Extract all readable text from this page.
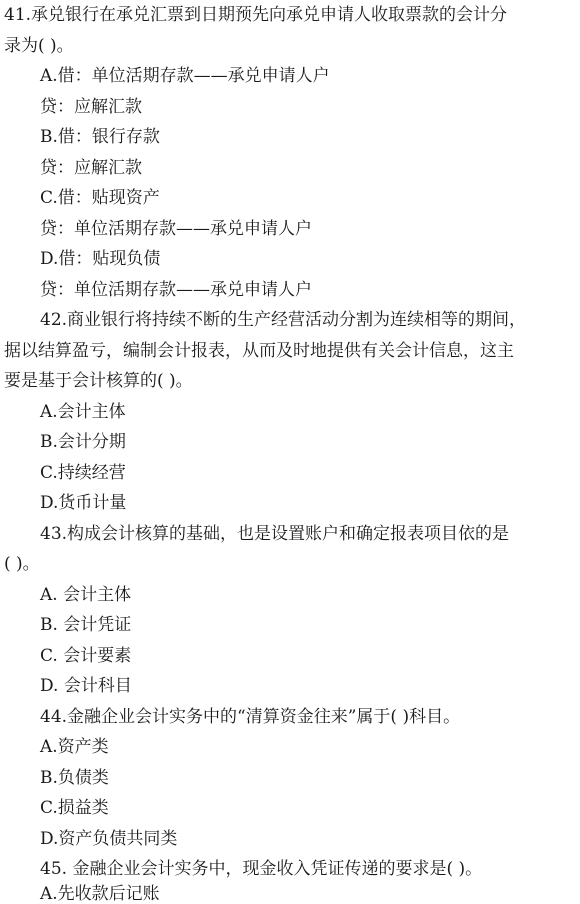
41.承兑银行在承兑汇票到日期预先向承兑申请人收取票款的会计分
录为( )。
A.借：单位活期存款——承兑申请人户
贷：应解汇款
B.借：银行存款
贷：应解汇款
C.借：贴现资产
贷：单位活期存款——承兑申请人户
D.借：贴现负债
贷：单位活期存款——承兑申请人户
42.商业银行将持续不断的生产经营活动分割为连续相等的期间，
据以结算盈亏，编制会计报表，从而及时地提供有关会计信息，这主
要是基于会计核算的( )。
A.会计主体
B.会计分期
C.持续经营
D.货币计量
43.构成会计核算的基础，也是设置账户和确定报表项目依的是
( )。
A. 会计主体
B. 会计凭证
C. 会计要素
D. 会计科目
44.金融企业会计实务中的“清算资金往来”属于( )科目。
A.资产类
B.负债类
C.损益类
D.资产负债共同类
45. 金融企业会计实务中，现金收入凭证传递的要求是( )。
A.先收款后记账
